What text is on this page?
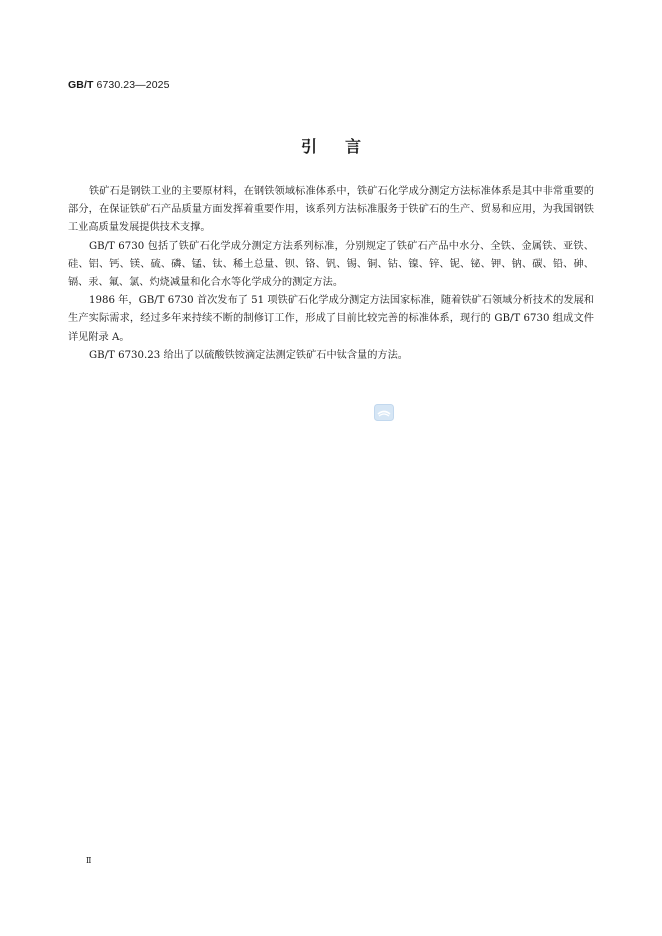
GB/T 6730.23—2025
引言

铁矿石是钢铁工业的主要原材料，在钢铁领域标准体系中，铁矿石化学成分测定方法标准体系是其中非常重要的部分，在保证铁矿石产品质量方面发挥着重要作用，该系列方法标准服务于铁矿石的生产、贸易和应用，为我国钢铁工业高质量发展提供技术支撑。

GB/T 6730 包括了铁矿石化学成分测定方法系列标准，分别规定了铁矿石产品中水分、全铁、金属铁、亚铁、硅、铝、钙、镁、硫、磷、锰、钛、稀土总量、钡、铬、钒、锡、铜、钴、镍、锌、铌、铋、钾、钠、碳、铅、砷、镉、汞、氟、氯、灼烧减量和化合水等化学成分的测定方法。

1986 年，GB/T 6730 首次发布了 51 项铁矿石化学成分测定方法国家标准，随着铁矿石领域分析技术的发展和生产实际需求，经过多年来持续不断的制修订工作，形成了目前比较完善的标准体系，现行的 GB/T 6730 组成文件详见附录 A。

GB/T 6730.23 给出了以硫酸铁铵滴定法测定铁矿石中钛含量的方法。

Ⅱ
